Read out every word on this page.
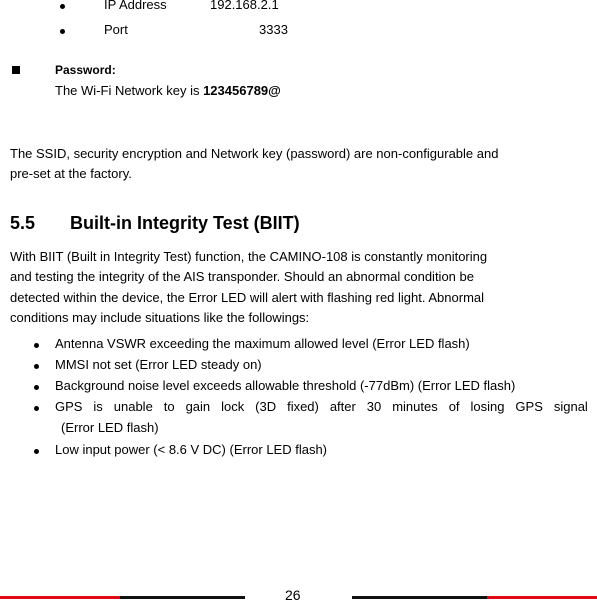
IP Address	192.168.2.1
Port	3333
Password:
The Wi-Fi Network key is 123456789@
The SSID, security encryption and Network key (password) are non-configurable and
pre-set at the factory.
5.5 Built-in Integrity Test (BIIT)
With BIIT (Built in Integrity Test) function, the CAMINO-108 is constantly monitoring
and testing the integrity of the AIS transponder. Should an abnormal condition be
detected within the device, the Error LED will alert with flashing red light. Abnormal
conditions may include situations like the followings:
Antenna VSWR exceeding the maximum allowed level (Error LED flash)
MMSI not set (Error LED steady on)
Background noise level exceeds allowable threshold (-77dBm) (Error LED flash)
GPS is unable to gain lock (3D fixed) after 30 minutes of losing GPS signal
(Error LED flash)
Low input power (< 8.6 V DC) (Error LED flash)
26
